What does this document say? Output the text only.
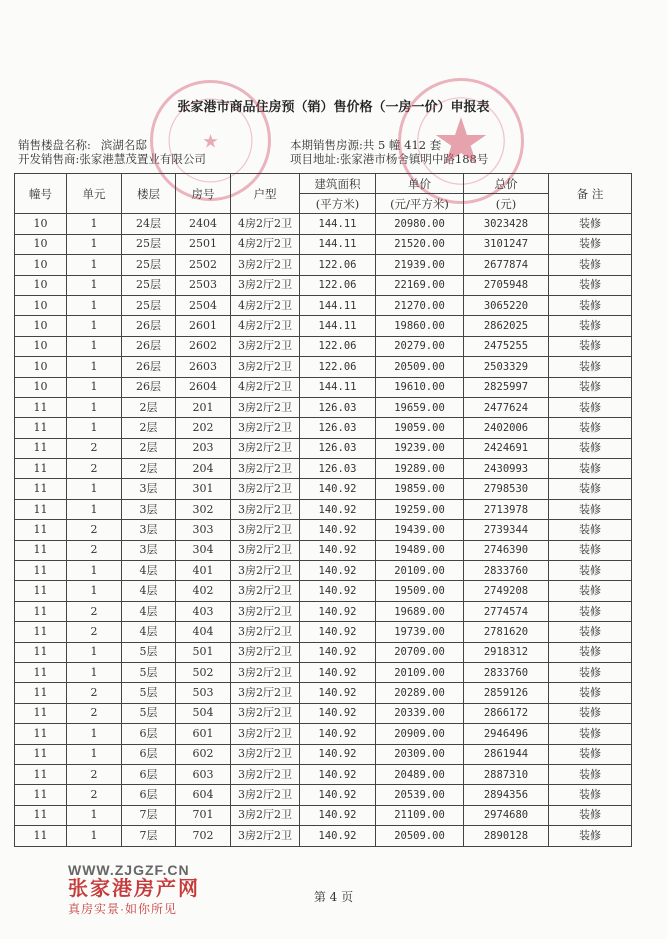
张家港市商品住房预（销）售价格（一房一价）申报表
销售楼盘名称: 滨湖名邸
开发销售商:张家港慧茂置业有限公司
本期销售房源:共 5 幢 412 套
项目地址:张家港市杨舍镇明中路188号
★
幢号	单元	楼层	房号	户型	建筑面积	单价	总价	备 注
					(平方米)	(元/平方米)	(元)	
10	1	24层	2404	4房2厅2卫	144.11	20980.00	3023428	装修
10	1	25层	2501	4房2厅2卫	144.11	21520.00	3101247	装修
10	1	25层	2502	3房2厅2卫	122.06	21939.00	2677874	装修
10	1	25层	2503	3房2厅2卫	122.06	22169.00	2705948	装修
10	1	25层	2504	4房2厅2卫	144.11	21270.00	3065220	装修
10	1	26层	2601	4房2厅2卫	144.11	19860.00	2862025	装修
10	1	26层	2602	3房2厅2卫	122.06	20279.00	2475255	装修
10	1	26层	2603	3房2厅2卫	122.06	20509.00	2503329	装修
10	1	26层	2604	4房2厅2卫	144.11	19610.00	2825997	装修
11	1	2层	201	3房2厅2卫	126.03	19659.00	2477624	装修
11	1	2层	202	3房2厅2卫	126.03	19059.00	2402006	装修
11	2	2层	203	3房2厅2卫	126.03	19239.00	2424691	装修
11	2	2层	204	3房2厅2卫	126.03	19289.00	2430993	装修
11	1	3层	301	3房2厅2卫	140.92	19859.00	2798530	装修
11	1	3层	302	3房2厅2卫	140.92	19259.00	2713978	装修
11	2	3层	303	3房2厅2卫	140.92	19439.00	2739344	装修
11	2	3层	304	3房2厅2卫	140.92	19489.00	2746390	装修
11	1	4层	401	3房2厅2卫	140.92	20109.00	2833760	装修
11	1	4层	402	3房2厅2卫	140.92	19509.00	2749208	装修
11	2	4层	403	3房2厅2卫	140.92	19689.00	2774574	装修
11	2	4层	404	3房2厅2卫	140.92	19739.00	2781620	装修
11	1	5层	501	3房2厅2卫	140.92	20709.00	2918312	装修
11	1	5层	502	3房2厅2卫	140.92	20109.00	2833760	装修
11	2	5层	503	3房2厅2卫	140.92	20289.00	2859126	装修
11	2	5层	504	3房2厅2卫	140.92	20339.00	2866172	装修
11	1	6层	601	3房2厅2卫	140.92	20909.00	2946496	装修
11	1	6层	602	3房2厅2卫	140.92	20309.00	2861944	装修
11	2	6层	603	3房2厅2卫	140.92	20489.00	2887310	装修
11	2	6层	604	3房2厅2卫	140.92	20539.00	2894356	装修
11	1	7层	701	3房2厅2卫	140.92	21109.00	2974680	装修
11	1	7层	702	3房2厅2卫	140.92	20509.00	2890128	装修
WWW.ZJGZF.CN
张家港房产网
真房实景·如你所见
第 4 页
